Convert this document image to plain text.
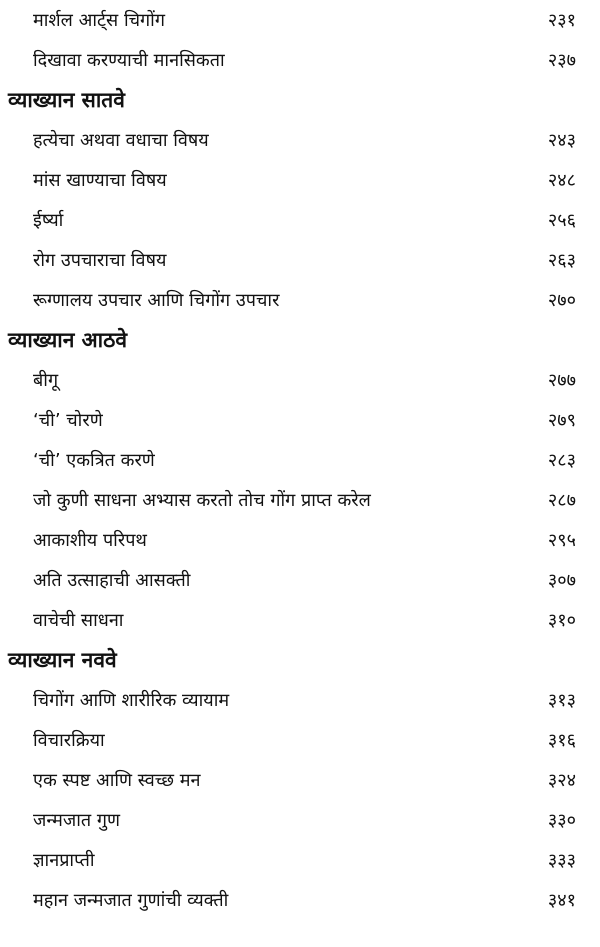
मार्शल आर्ट्स चिगोंग	२३१
दिखावा करण्याची मानसिकता	२३७
व्याख्यान सातवे
हत्येचा अथवा वधाचा विषय	२४३
मांस खाण्याचा विषय	२४८
ईर्ष्या	२५६
रोग उपचाराचा विषय	२६३
रूग्णालय उपचार आणि चिगोंग उपचार	२७०
व्याख्यान आठवे
बीगू	२७७
‘ची’ चोरणे	२७९
‘ची’ एकत्रित करणे	२८३
जो कुणी साधना अभ्यास करतो तोच गोंग प्राप्त करेल	२८७
आकाशीय परिपथ	२९५
अति उत्साहाची आसक्ती	३०७
वाचेची साधना	३१०
व्याख्यान नववे
चिगोंग आणि शारीरिक व्यायाम	३१३
विचारक्रिया	३१६
एक स्पष्ट आणि स्वच्छ मन	३२४
जन्मजात गुण	३३०
ज्ञानप्राप्ती	३३३
महान जन्मजात गुणांची व्यक्ती	३४१
